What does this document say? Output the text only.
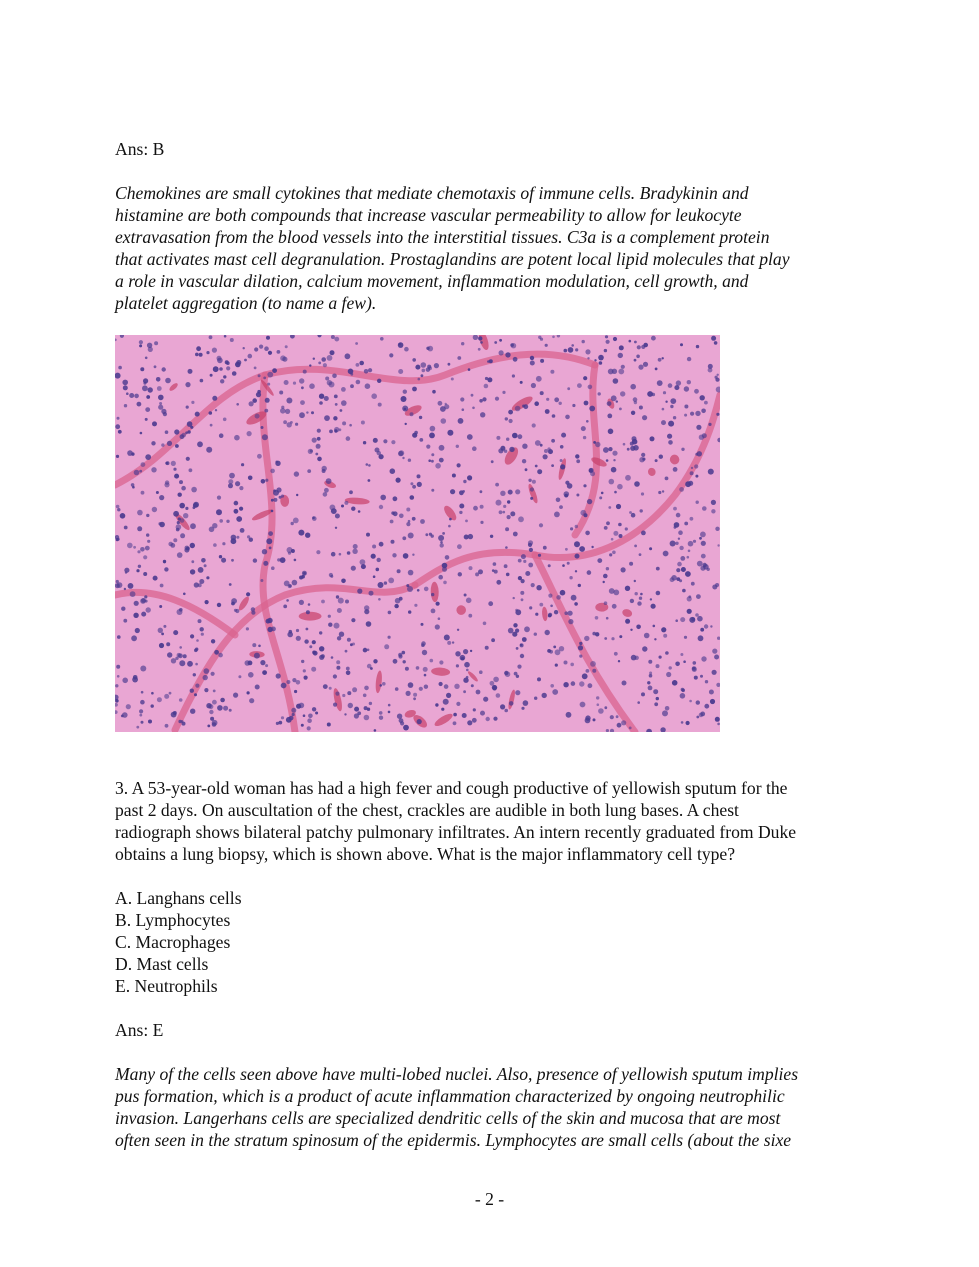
Ans: B
Chemokines are small cytokines that mediate chemotaxis of immune cells. Bradykinin and
histamine are both compounds that increase vascular permeability to allow for leukocyte
extravasation from the blood vessels into the interstitial tissues. C3a is a complement protein
that activates mast cell degranulation. Prostaglandins are potent local lipid molecules that play
a role in vascular dilation, calcium movement, inflammation modulation, cell growth, and
platelet aggregation (to name a few).
3. A 53-year-old woman has had a high fever and cough productive of yellowish sputum for the
past 2 days. On auscultation of the chest, crackles are audible in both lung bases. A chest
radiograph shows bilateral patchy pulmonary infiltrates. An intern recently graduated from Duke
obtains a lung biopsy, which is shown above. What is the major inflammatory cell type?
A. Langhans cells
B. Lymphocytes
C. Macrophages
D. Mast cells
E. Neutrophils
Ans: E
Many of the cells seen above have multi-lobed nuclei. Also, presence of yellowish sputum implies
pus formation, which is a product of acute inflammation characterized by ongoing neutrophilic
invasion. Langerhans cells are specialized dendritic cells of the skin and mucosa that are most
often seen in the stratum spinosum of the epidermis. Lymphocytes are small cells (about the sixe
- 2 -
